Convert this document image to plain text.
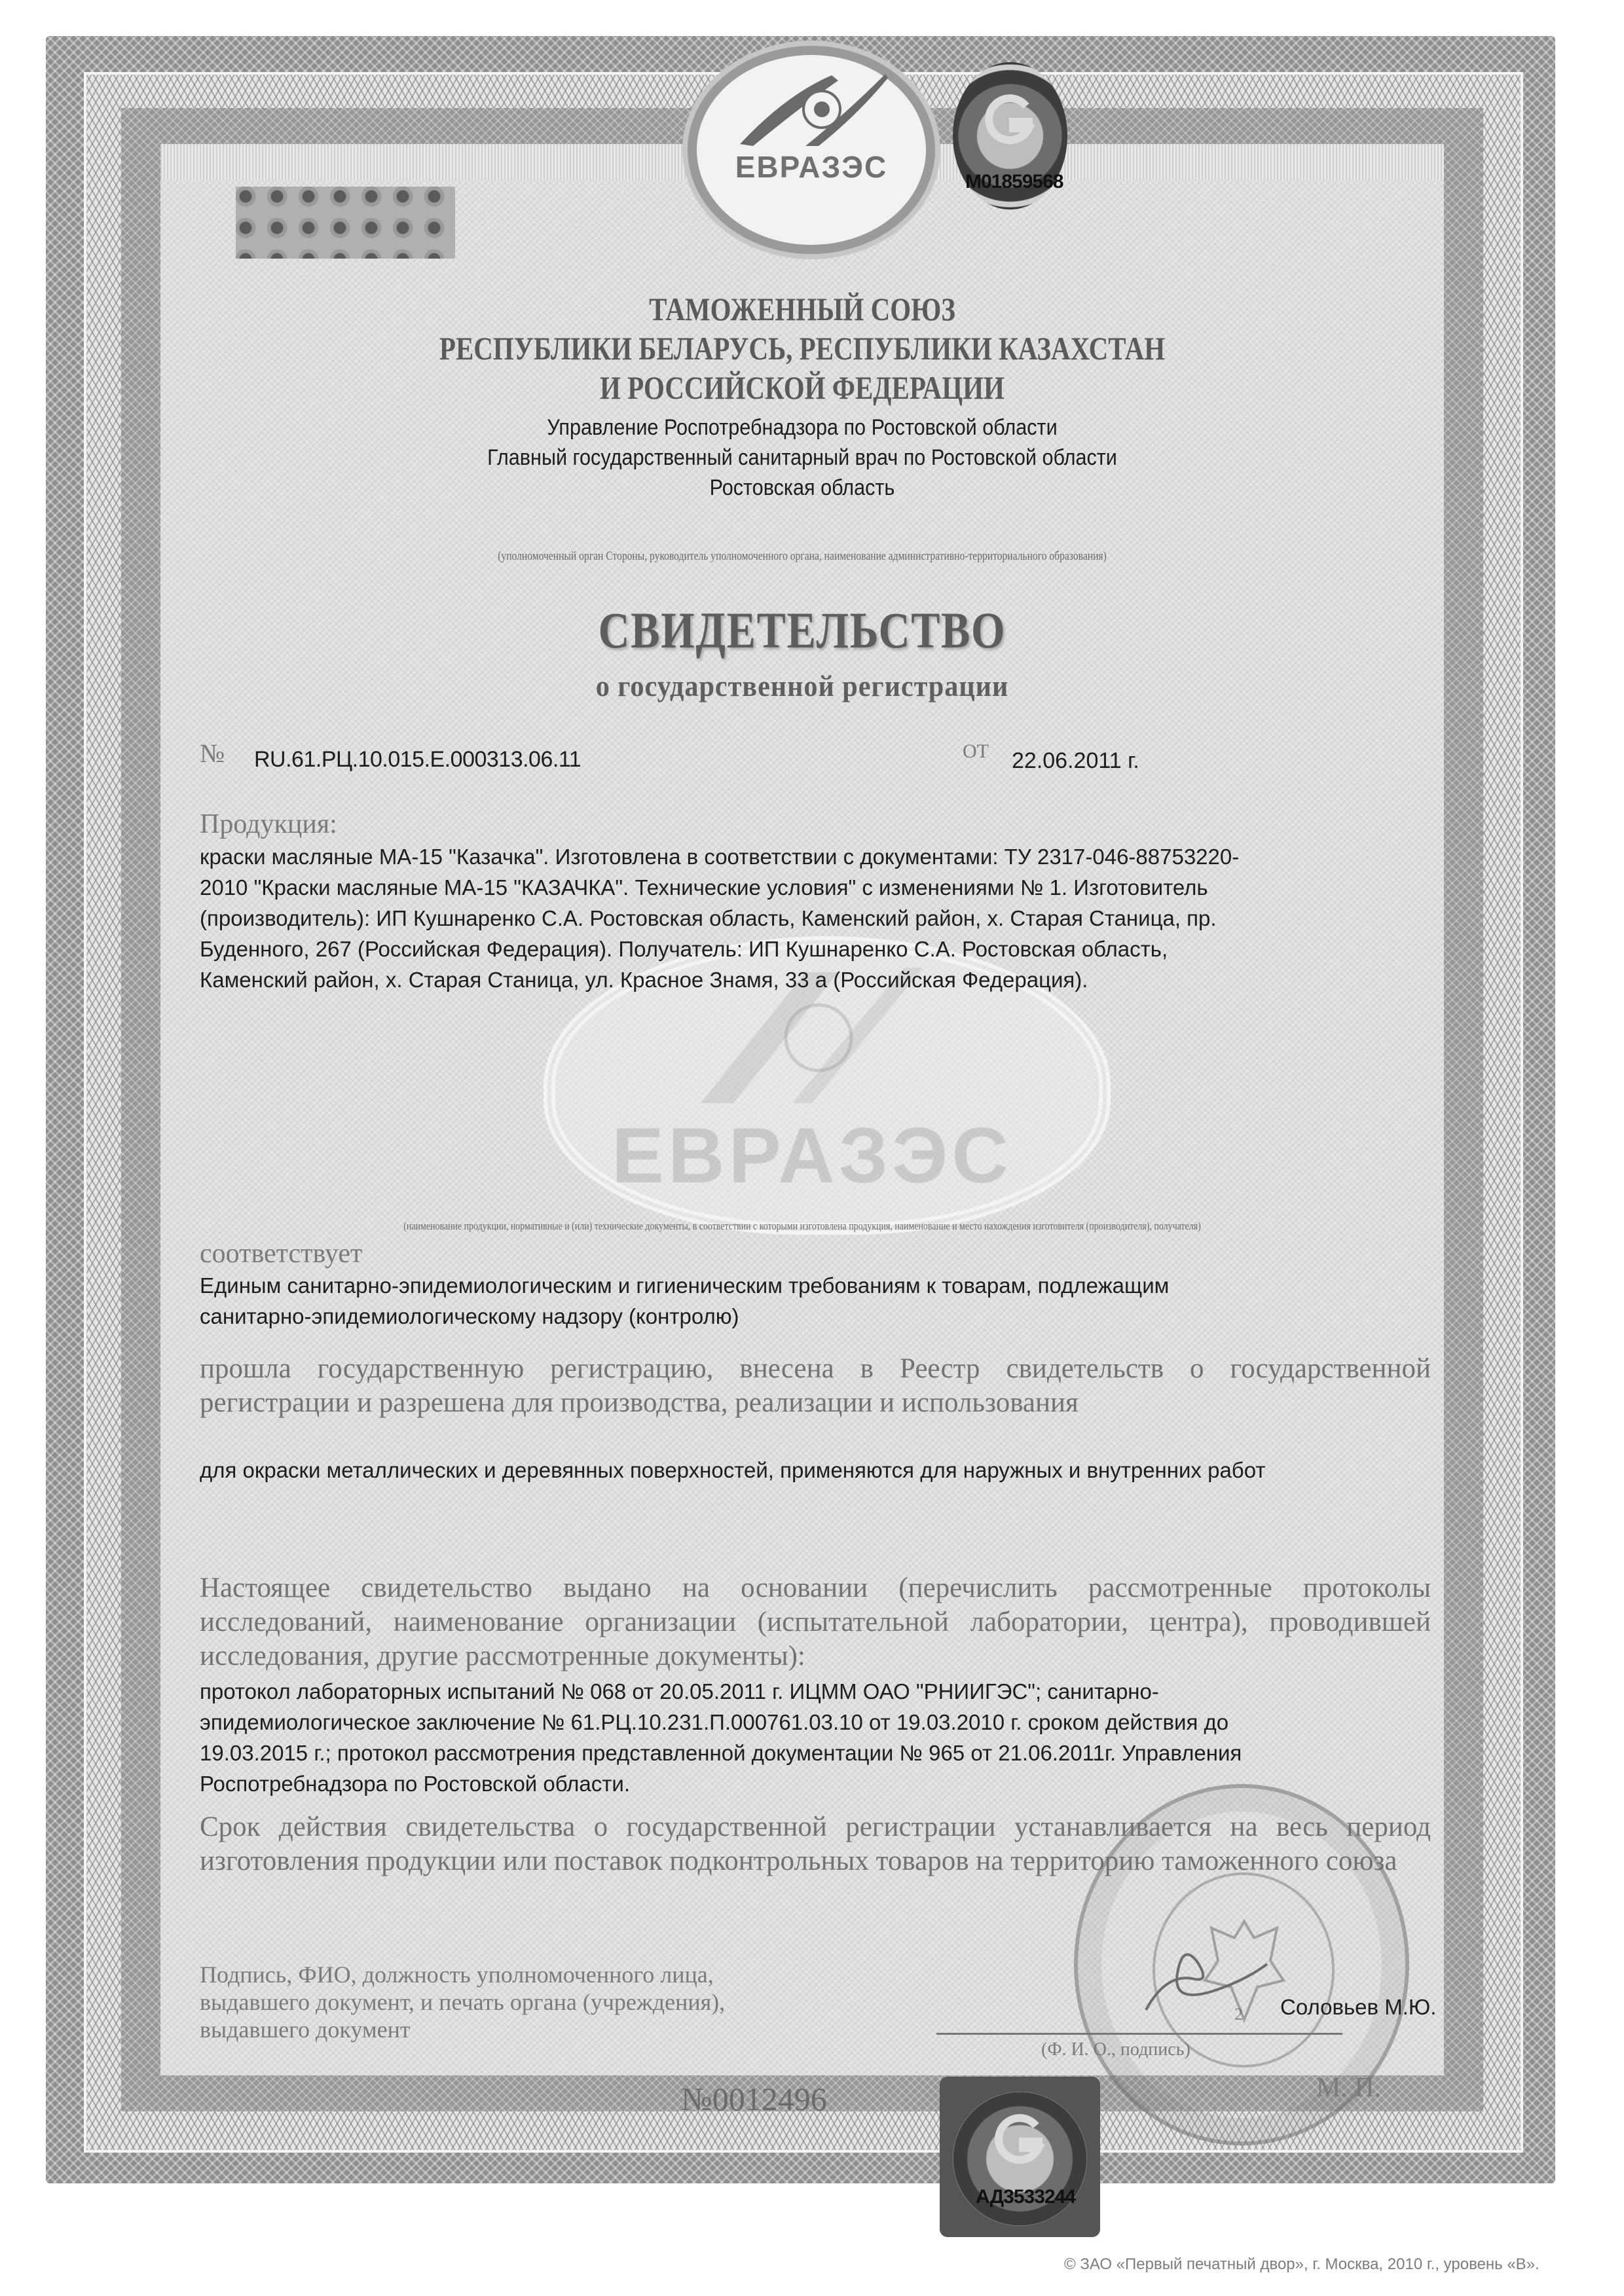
ЕВРАЗЭС
ЕВРАЗЭС	М01859568
ТАМОЖЕННЫЙ СОЮЗ
РЕСПУБЛИКИ БЕЛАРУСЬ, РЕСПУБЛИКИ КАЗАХСТАН
И РОССИЙСКОЙ ФЕДЕРАЦИИ
Управление Роспотребнадзора по Ростовской области
Главный государственный санитарный врач по Ростовской области
Ростовская область
(уполномоченный орган Стороны, руководитель уполномоченного органа, наименование административно-территориального образования)
СВИДЕТЕЛЬСТВО
о государственной регистрации
№ RU.61.РЦ.10.015.Е.000313.06.11	ОТ 22.06.2011 г.
Продукция:
краски масляные МА-15 "Казачка". Изготовлена в соответствии с документами: ТУ 2317-046-88753220-
2010 "Краски масляные МА-15 "КАЗАЧКА". Технические условия" с изменениями № 1. Изготовитель
(производитель): ИП Кушнаренко С.А. Ростовская область, Каменский район, х. Старая Станица, пр.
Буденного, 267 (Российская Федерация). Получатель: ИП Кушнаренко С.А. Ростовская область,
Каменский район, х. Старая Станица, ул. Красное Знамя, 33 а (Российская Федерация).
(наименование продукции, нормативные и (или) технические документы, в соответствии с которыми изготовлена продукция, наименование и место нахождения изготовителя (производителя), получателя)
соответствует
Единым санитарно-эпидемиологическим и гигиеническим требованиям к товарам, подлежащим
санитарно-эпидемиологическому надзору (контролю)
прошла государственную регистрацию, внесена в Реестр свидетельств о государственной регистрации и разрешена для производства, реализации и использования
для окраски металлических и деревянных поверхностей, применяются для наружных и внутренних работ
Настоящее свидетельство выдано на основании (перечислить рассмотренные протоколы исследований, наименование организации (испытательной лаборатории, центра), проводившей исследования, другие рассмотренные документы):
протокол лабораторных испытаний № 068 от 20.05.2011 г. ИЦММ ОАО "РНИИГЭС"; санитарно-
эпидемиологическое заключение № 61.РЦ.10.231.П.000761.03.10 от 19.03.2010 г. сроком действия до
19.03.2015 г.; протокол рассмотрения представленной документации № 965 от 21.06.2011г. Управления
Роспотребнадзора по Ростовской области.
Срок действия свидетельства о государственной регистрации устанавливается на весь период изготовления продукции или поставок подконтрольных товаров на территорию таможенного союза
2
Подпись, ФИО, должность уполномоченного лица,
выдавшего документ, и печать органа (учреждения),
выдавшего документ
Соловьев М.Ю.
(Ф. И. О., подпись)
М. П.
№0012496
АД3533244
© ЗАО «Первый печатный двор», г. Москва, 2010 г., уровень «В».
